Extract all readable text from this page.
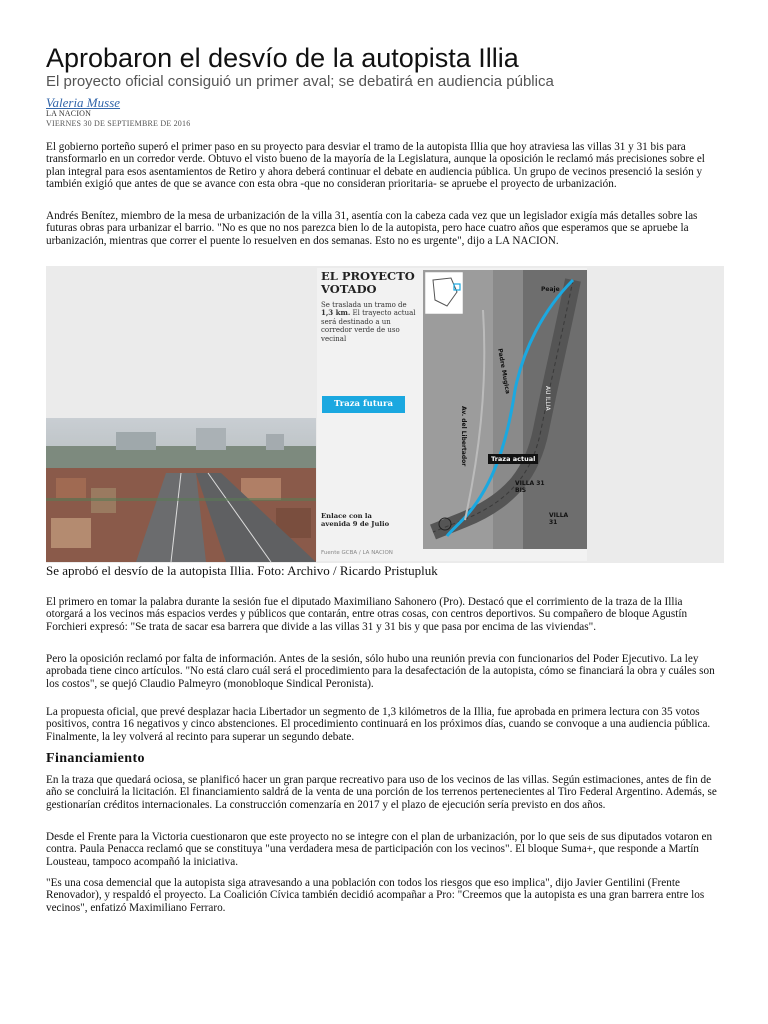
Aprobaron el desvío de la autopista Illia
El proyecto oficial consiguió un primer aval; se debatirá en audiencia pública
Valeria Musse
LA NACION
VIERNES 30 DE SEPTIEMBRE DE 2016

El gobierno porteño superó el primer paso en su proyecto para desviar el tramo de la autopista Illia que hoy atraviesa las villas 31 y 31 bis para transformarlo en un corredor verde. Obtuvo el visto bueno de la mayoría de la Legislatura, aunque la oposición le reclamó más precisiones sobre el plan integral para esos asentamientos de Retiro y ahora deberá continuar el debate en audiencia pública. Un grupo de vecinos presenció la sesión y también exigió que antes de que se avance con esta obra -que no consideran prioritaria- se apruebe el proyecto de urbanización.

Andrés Benítez, miembro de la mesa de urbanización de la villa 31, asentía con la cabeza cada vez que un legislador exigía más detalles sobre las futuras obras para urbanizar el barrio. "No es que no nos parezca bien lo de la autopista, pero hace cuatro años que esperamos que se apruebe la urbanización, mientras que correr el puente lo resuelven en dos semanas. Esto no es urgente", dijo a LA NACION.

EL PROYECTO
VOTADO
Se traslada un tramo de 1,3 km. El trayecto actual será destinado a un corredor verde de uso vecinal
Traza futura
Enlace con la avenida 9 de Julio
Fuente GCBA / LA NACION
Peaje
Padre Mugica
AU ILLIA
Av. del Libertador	Traza actual
VILLA 31 BIS
VILLA 31
Se aprobó el desvío de la autopista Illia. Foto: Archivo / Ricardo Pristupluk

El primero en tomar la palabra durante la sesión fue el diputado Maximiliano Sahonero (Pro). Destacó que el corrimiento de la traza de la Illia otorgará a los vecinos más espacios verdes y públicos que contarán, entre otras cosas, con centros deportivos. Su compañero de bloque Agustín Forchieri expresó: "Se trata de sacar esa barrera que divide a las villas 31 y 31 bis y que pasa por encima de las viviendas".

Pero la oposición reclamó por falta de información. Antes de la sesión, sólo hubo una reunión previa con funcionarios del Poder Ejecutivo. La ley aprobada tiene cinco artículos. "No está claro cuál será el procedimiento para la desafectación de la autopista, cómo se financiará la obra y cuáles son los costos", se quejó Claudio Palmeyro (monobloque Sindical Peronista).

La propuesta oficial, que prevé desplazar hacia Libertador un segmento de 1,3 kilómetros de la Illia, fue aprobada en primera lectura con 35 votos positivos, contra 16 negativos y cinco abstenciones. El procedimiento continuará en los próximos días, cuando se convoque a una audiencia pública. Finalmente, la ley volverá al recinto para superar un segundo debate.

Financiamiento

En la traza que quedará ociosa, se planificó hacer un gran parque recreativo para uso de los vecinos de las villas. Según estimaciones, antes de fin de año se concluirá la licitación. El financiamiento saldrá de la venta de una porción de los terrenos pertenecientes al Tiro Federal Argentino. Además, se gestionarían créditos internacionales. La construcción comenzaría en 2017 y el plazo de ejecución sería previsto en dos años.

Desde el Frente para la Victoria cuestionaron que este proyecto no se integre con el plan de urbanización, por lo que seis de sus diputados votaron en contra. Paula Penacca reclamó que se constituya "una verdadera mesa de participación con los vecinos". El bloque Suma+, que responde a Martín Lousteau, tampoco acompañó la iniciativa.

"Es una cosa demencial que la autopista siga atravesando a una población con todos los riesgos que eso implica", dijo Javier Gentilini (Frente Renovador), y respaldó el proyecto. La Coalición Cívica también decidió acompañar a Pro: "Creemos que la autopista es una gran barrera entre los vecinos", enfatizó Maximiliano Ferraro.
